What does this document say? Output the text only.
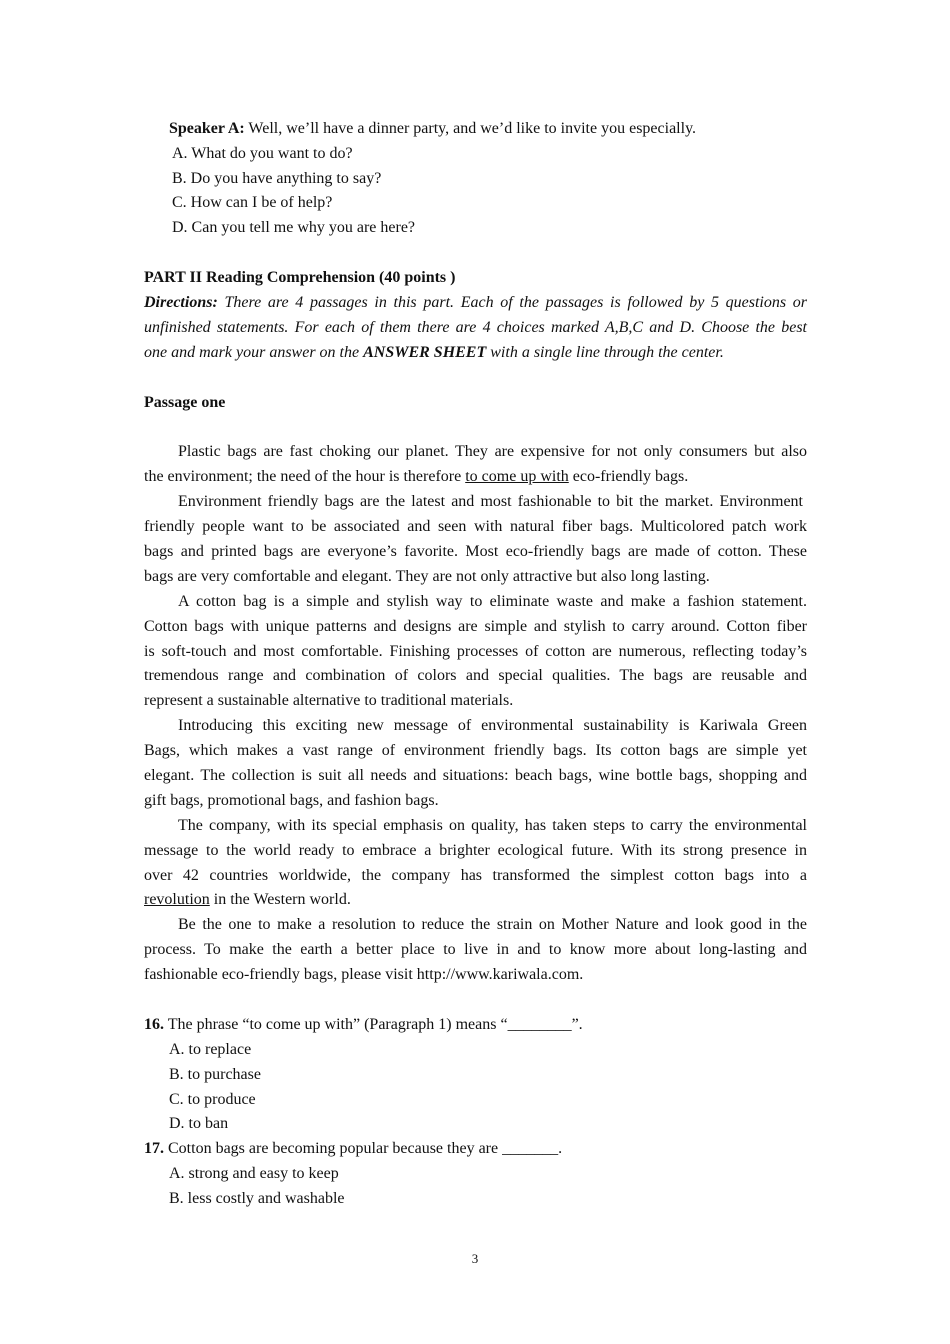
Speaker A: Well, we’ll have a dinner party, and we’d like to invite you especially.
A. What do you want to do?
B. Do you have anything to say?
C. How can I be of help?
D. Can you tell me why you are here?
PART II Reading Comprehension (40 points )
Directions: There are 4 passages in this part. Each of the passages is followed by 5 questions or
unfinished statements. For each of them there are 4 choices marked A,B,C and D. Choose the best
one and mark your answer on the ANSWER SHEET with a single line through the center.
Passage one
Plastic bags are fast choking our planet. They are expensive for not only consumers but also
the environment; the need of the hour is therefore to come up with eco-friendly bags.
Environment friendly bags are the latest and most fashionable to bit the market. Environment
friendly people want to be associated and seen with natural fiber bags. Multicolored patch work
bags and printed bags are everyone’s favorite. Most eco-friendly bags are made of cotton. These
bags are very comfortable and elegant. They are not only attractive but also long lasting.
A cotton bag is a simple and stylish way to eliminate waste and make a fashion statement.
Cotton bags with unique patterns and designs are simple and stylish to carry around. Cotton fiber
is soft-touch and most comfortable. Finishing processes of cotton are numerous, reflecting today’s
tremendous range and combination of colors and special qualities. The bags are reusable and
represent a sustainable alternative to traditional materials.
Introducing this exciting new message of environmental sustainability is Kariwala Green
Bags, which makes a vast range of environment friendly bags. Its cotton bags are simple yet
elegant. The collection is suit all needs and situations: beach bags, wine bottle bags, shopping and
gift bags, promotional bags, and fashion bags.
The company, with its special emphasis on quality, has taken steps to carry the environmental
message to the world ready to embrace a brighter ecological future. With its strong presence in
over 42 countries worldwide, the company has transformed the simplest cotton bags into a
revolution in the Western world.
Be the one to make a resolution to reduce the strain on Mother Nature and look good in the
process. To make the earth a better place to live in and to know more about long-lasting and
fashionable eco-friendly bags, please visit http://www.kariwala.com.
16. The phrase “to come up with” (Paragraph 1) means “________”.
A. to replace
B. to purchase
C. to produce
D. to ban
17. Cotton bags are becoming popular because they are _______.
A. strong and easy to keep
B. less costly and washable
3
